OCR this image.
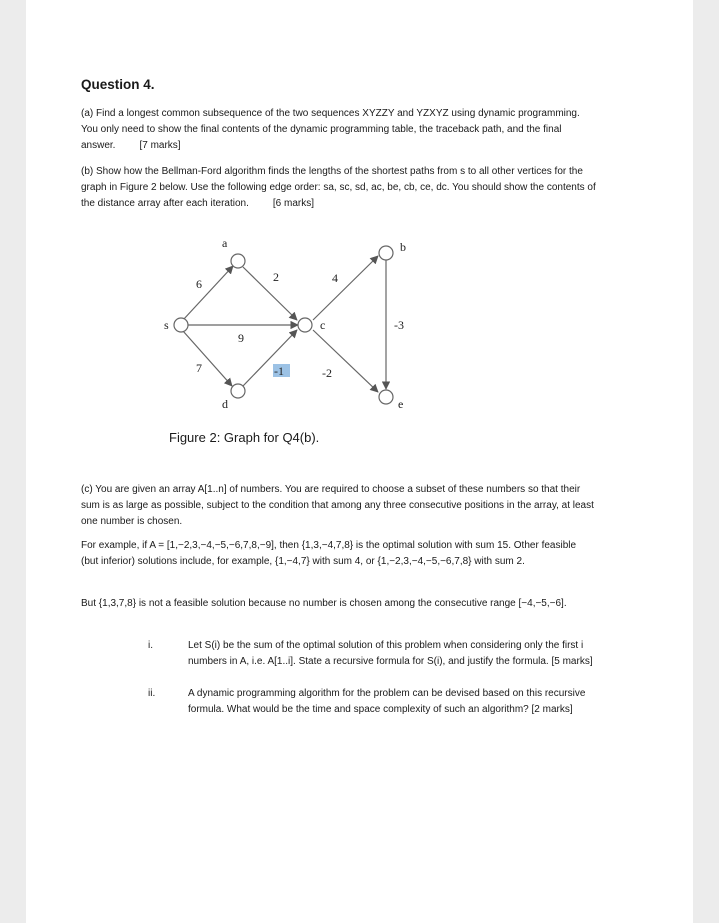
Question 4.

(a) Find a longest common subsequence of the two sequences XYZZY and YZXYZ using dynamic programming. You only need to show the final contents of the dynamic programming table, the traceback path, and the final answer. [7 marks]

(b) Show how the Bellman-Ford algorithm finds the lengths of the shortest paths from s to all other vertices for the graph in Figure 2 below. Use the following edge order: sa, sc, sd, ac, be, cb, ce, dc. You should show the contents of the distance array after each iteration. [6 marks]

a	b
s	c
d	e
6	2	4
9
-3
7	-1	-2

Figure 2: Graph for Q4(b).

(c) You are given an array A[1..n] of numbers. You are required to choose a subset of these numbers so that their sum is as large as possible, subject to the condition that among any three consecutive positions in the array, at least one number is chosen.

For example, if A = [1,−2,3,−4,−5,−6,7,8,−9], then {1,3,−4,7,8} is the optimal solution with sum 15. Other feasible (but inferior) solutions include, for example, {1,−4,7} with sum 4, or {1,−2,3,−4,−5,−6,7,8} with sum 2.

But {1,3,7,8} is not a feasible solution because no number is chosen among the consecutive range [−4,−5,−6].

i.	Let S(i) be the sum of the optimal solution of this problem when considering only the first i numbers in A, i.e. A[1..i]. State a recursive formula for S(i), and justify the formula. [5 marks]
ii.	A dynamic programming algorithm for the problem can be devised based on this recursive formula. What would be the time and space complexity of such an algorithm? [2 marks]
